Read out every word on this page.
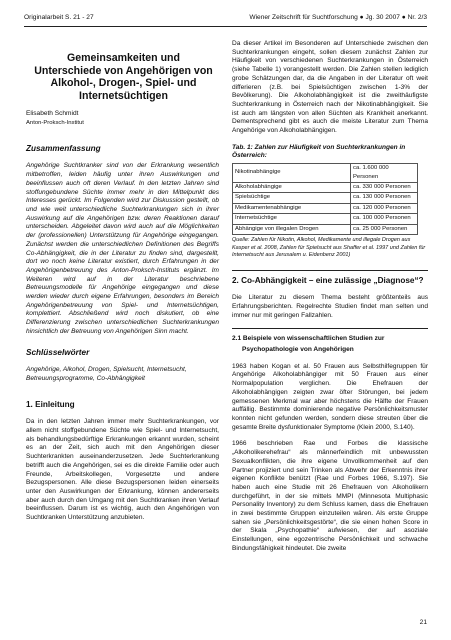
Originalarbeit S. 21 - 27	Wiener Zeitschrift für Suchtforschung ● Jg. 30 2007 ● Nr. 2/3
Gemeinsamkeiten und Unterschiede von Angehörigen von Alkohol-, Drogen-, Spiel- und Internetsüchtigen
Elisabeth Schmidt
Anton-Proksch-Institut
Zusammenfassung
Angehörige Suchtkranker sind von der Erkrankung wesentlich mitbetroffen, leiden häufig unter ihren Auswirkungen und beeinflussen auch oft deren Verlauf. In den letzten Jahren sind stoffungebundene Süchte immer mehr in den Mittelpunkt des Interesses gerückt. Im Folgenden wird zur Diskussion gestellt, ob und wie weit unterschiedliche Suchterkrankungen sich in ihrer Auswirkung auf die Angehörigen bzw. deren Reaktionen darauf unterscheiden. Abgeleitet davon wird auch auf die Möglichkeiten der (professionellen) Unterstützung für Angehörige eingegangen. Zunächst werden die unterschiedlichen Definitionen des Begriffs Co-Abhängigkeit, die in der Literatur zu finden sind, dargestellt, dort wo noch keine Literatur existiert, durch Erfahrungen in der Angehörigenbetreuung des Anton-Proksch-Instituts ergänzt. Im Weiteren wird auf in der Literatur beschriebene Betreuungsmodelle für Angehörige eingegangen und diese werden wieder durch eigene Erfahrungen, besonders im Bereich Angehörigenbetreuung von Spiel- und Internetsüchtigen, komplettiert. Abschließend wird noch diskutiert, ob eine Differenzierung zwischen unterschiedlichen Suchterkrankungen hinsichtlich der Betreuung von Angehörigen Sinn macht.
Schlüsselwörter
Angehörige, Alkohol, Drogen, Spielsucht, Internetsucht, Betreuungsprogramme, Co-Abhängigkeit
1. Einleitung
Da in den letzten Jahren immer mehr Suchterkrankungen, vor allem nicht stoffgebundene Süchte wie Spiel- und Internetsucht, als behandlungsbedürftige Erkrankungen erkannt wurden, scheint es an der Zeit, sich auch mit den Angehörigen dieser Suchterkrankten auseinanderzusetzen. Jede Suchterkrankung betrifft auch die Angehörigen, sei es die direkte Familie oder auch Freunde, Arbeitskollegen, Vorgesetzte und andere Bezugspersonen. Alle diese Bezugspersonen leiden einerseits unter den Auswirkungen der Erkrankung, können andererseits aber auch durch den Umgang mit den Suchtkranken ihren Verlauf beeinflussen. Darum ist es wichtig, auch den Angehörigen von Suchtkranken Unterstützung anzubieten.
Da dieser Artikel im Besonderen auf Unterschiede zwischen den Suchterkrankungen eingeht, sollen diesem zunächst Zahlen zur Häufigkeit von verschiedenen Suchterkrankungen in Österreich (siehe Tabelle 1) vorangestellt werden. Die Zahlen stellen lediglich grobe Schätzungen dar, da die Angaben in der Literatur oft weit differieren (z.B. bei Spielsüchtigen zwischen 1-3% der Bevölkerung). Die Alkoholabhängigkeit ist die zweithäufigste Suchterkrankung in Österreich nach der Nikotinabhängigkeit. Sie ist auch am längsten von allen Süchten als Krankheit anerkannt. Dementsprechend gibt es auch die meiste Literatur zum Thema Angehörige von Alkoholabhängigen.
Tab. 1: Zahlen zur Häufigkeit von Suchterkrankungen in Österreich:
Nikotinabhängige	ca. 1.600 000 Personen
Alkoholabhängige	ca. 330 000 Personen
Spielsüchtige	ca. 130 000 Personen
Medikamentenabhängige	ca. 120 000 Personen
Internetsüchtige	ca. 100 000 Personen
Abhängige von illegalen Drogen	ca. 25 000 Personen
Quelle: Zahlen für Nikotin, Alkohol, Medikamente und illegale Drogen aus Kasper et al. 2008, Zahlen für Spielsucht aus Shaffer et al. 1997 und Zahlen für Internetsucht aus Jerusalem u. Eidenbenz 2001)
2. Co-Abhängigkeit – eine zulässige „Diagnose“?
Die Literatur zu diesem Thema besteht größtenteils aus Erfahrungsberichten. Regelrechte Studien findet man selten und immer nur mit geringen Fallzahlen.
2.1 Beispiele von wissenschaftlichen Studien zur
Psychopathologie von Angehörigen
1963 haben Kogan et al. 50 Frauen aus Selbsthilfegruppen für Angehörige Alkoholabhängiger mit 50 Frauen aus einer Normalpopulation verglichen. Die Ehefrauen der Alkoholabhängigen zeigten zwar öfter Störungen, bei jedem gemessenen Merkmal war aber höchstens die Hälfte der Frauen auffällig. Bestimmte dominierende negative Persönlichkeitsmuster konnten nicht gefunden werden, sondern diese streuten über die gesamte Breite dysfunktionaler Symptome (Klein 2000, S.140).
1966 beschrieben Rae und Forbes die klassische „Alkoholikerehefrau“ als männerfeindlich mit unbewussten Sexualkonflikten, die ihre eigene Unvollkommenheit auf den Partner projiziert und sein Trinken als Abwehr der Erkenntnis ihrer eigenen Konflikte benützt (Rae und Forbes 1966, S.197). Sie haben auch eine Studie mit 26 Ehefrauen von Alkoholikern durchgeführt, in der sie mittels MMPI (Minnesota Multiphasic Personality Inventory) zu dem Schluss kamen, dass die Ehefrauen in zwei bestimmte Gruppen einzuteilen wären. Als erste Gruppe sahen sie „Persönlichkeitsgestörte“, die sie einen hohen Score in der Skala „Psychopathie“ aufwiesen, der auf asoziale Einstellungen, eine egozentrische Persönlichkeit und schwache Bindungsfähigkeit hindeutet. Die zweite
21
